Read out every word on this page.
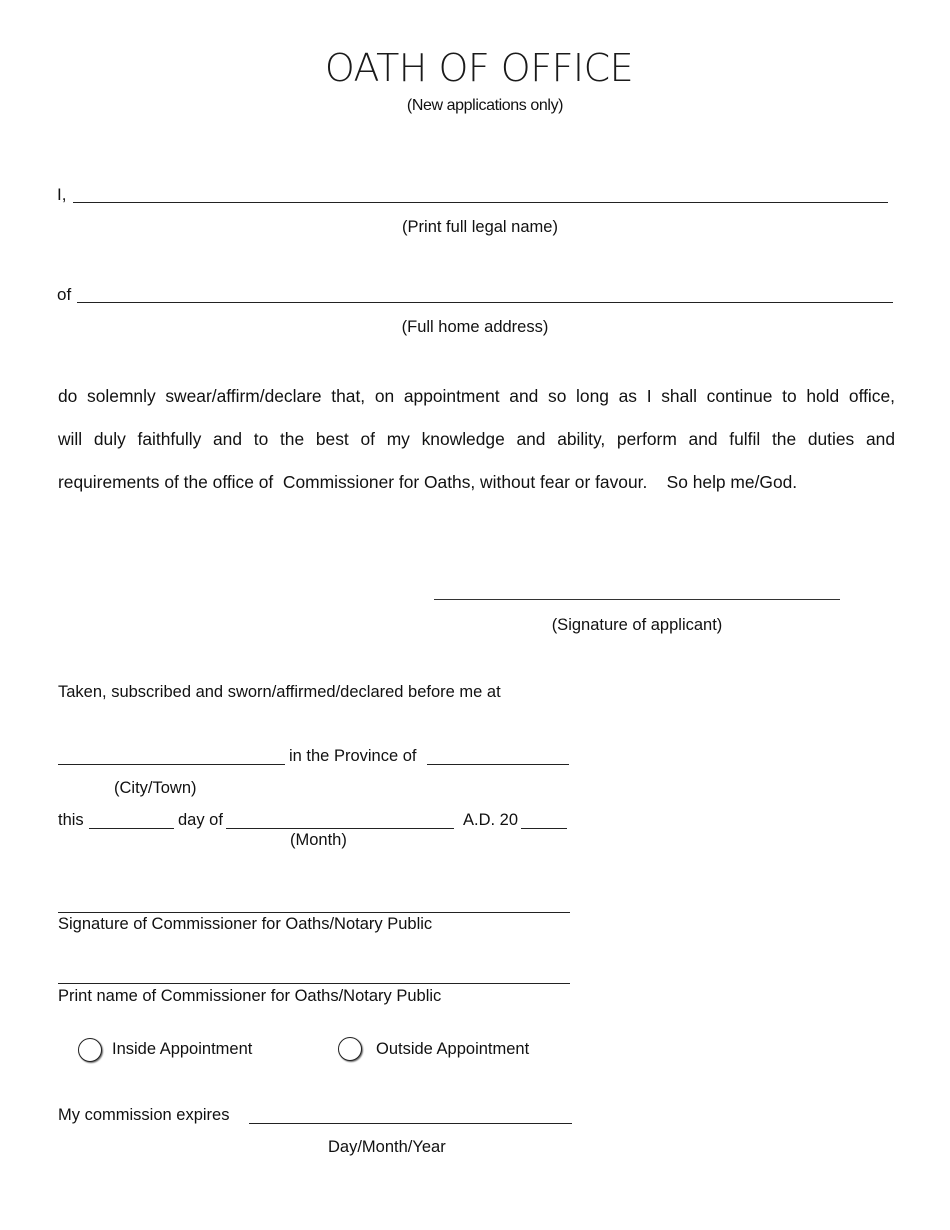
OATH OF OFFICE
(New applications only)
I,
(Print full legal name)
of
(Full home address)
do solemnly swear/affirm/declare that, on appointment and so long as I shall continue to hold office,
will duly faithfully and to the best of my knowledge and ability, perform and fulfil the duties and
requirements of the office of  Commissioner for Oaths, without fear or favour.    So help me/God.
(Signature of applicant)
Taken, subscribed and sworn/affirmed/declared before me at
in the Province of
(City/Town)
this	day of	A.D. 20
(Month)
Signature of Commissioner for Oaths/Notary Public
Print name of Commissioner for Oaths/Notary Public
Inside Appointment	Outside Appointment
My commission expires
Day/Month/Year
